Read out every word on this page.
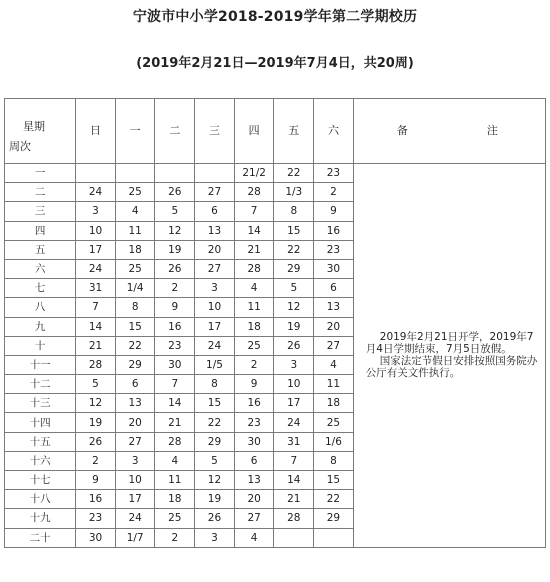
宁波市中小学2018-2019学年第二学期校历
(2019年2月21日—2019年7月4日，共20周)
星期
周次	日	一	二	三	四	五	六	备　注
一					21/2	22	23	2019年2月21日开学，2019年7月4日学期结束，7月5日放假。

国家法定节假日安排按照国务院办公厅有关文件执行。

二	24	25	26	27	28	1/3	2	
三	3	4	5	6	7	8	9	
四	10	11	12	13	14	15	16	
五	17	18	19	20	21	22	23	
六	24	25	26	27	28	29	30	
七	31	1/4	2	3	4	5	6	
八	7	8	9	10	11	12	13	
九	14	15	16	17	18	19	20	
十	21	22	23	24	25	26	27	
十一	28	29	30	1/5	2	3	4	
十二	5	6	7	8	9	10	11	
十三	12	13	14	15	16	17	18	
十四	19	20	21	22	23	24	25	
十五	26	27	28	29	30	31	1/6	
十六	2	3	4	5	6	7	8	
十七	9	10	11	12	13	14	15	
十八	16	17	18	19	20	21	22	
十九	23	24	25	26	27	28	29	
二十	30	1/7	2	3	4			
